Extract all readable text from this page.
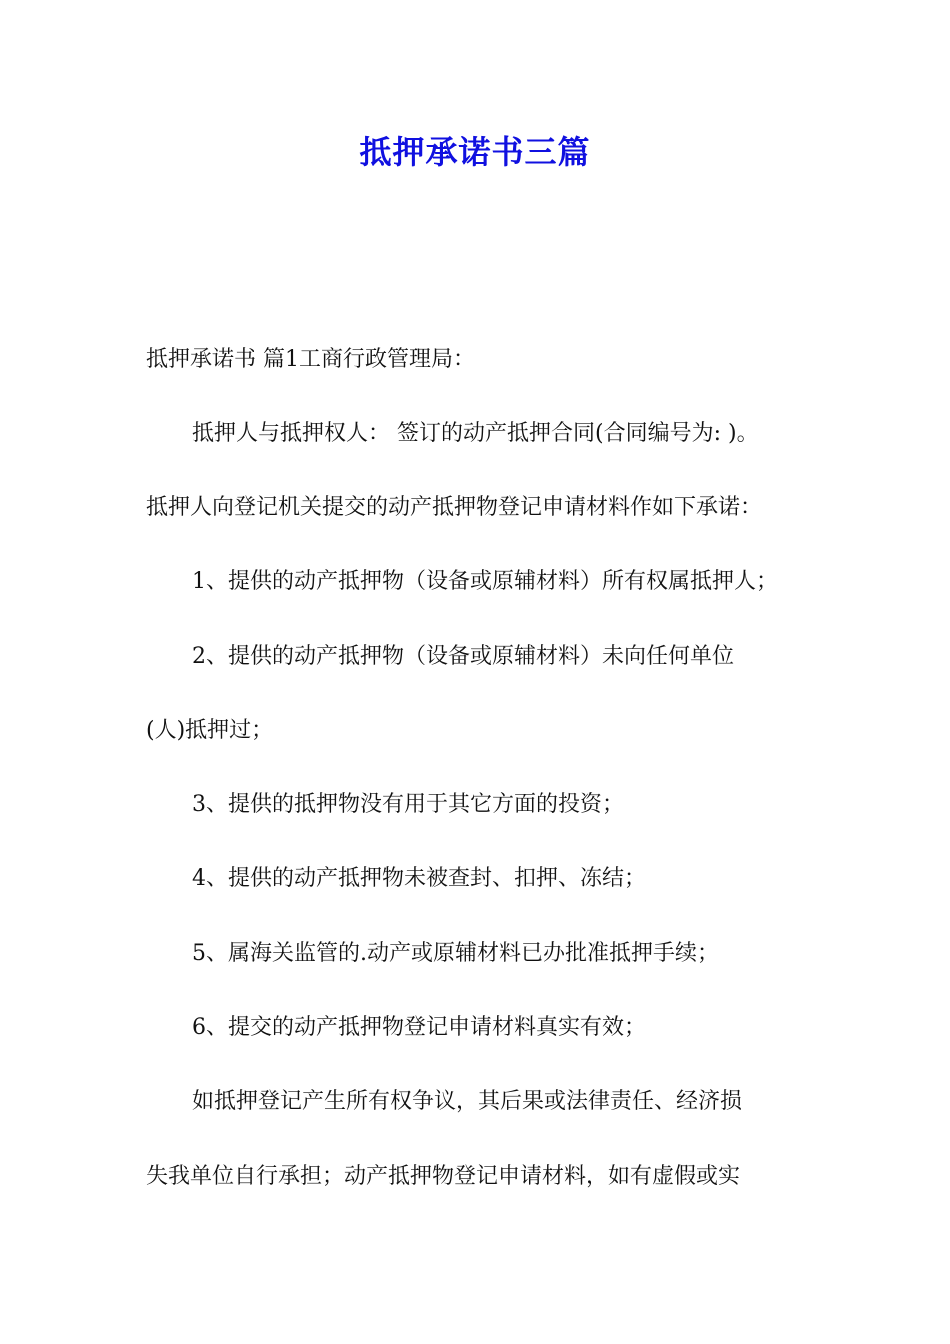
抵押承诺书三篇
抵押承诺书 篇1工商行政管理局：
抵押人与抵押权人： 签订的动产抵押合同(合同编号为: )。
抵押人向登记机关提交的动产抵押物登记申请材料作如下承诺：
1、提供的动产抵押物（设备或原辅材料）所有权属抵押人；
2、提供的动产抵押物（设备或原辅材料）未向任何单位
(人)抵押过；
3、提供的抵押物没有用于其它方面的投资；
4、提供的动产抵押物未被查封、扣押、冻结；
5、属海关监管的.动产或原辅材料已办批准抵押手续；
6、提交的动产抵押物登记申请材料真实有效；
如抵押登记产生所有权争议，其后果或法律责任、经济损
失我单位自行承担；动产抵押物登记申请材料，如有虚假或实
